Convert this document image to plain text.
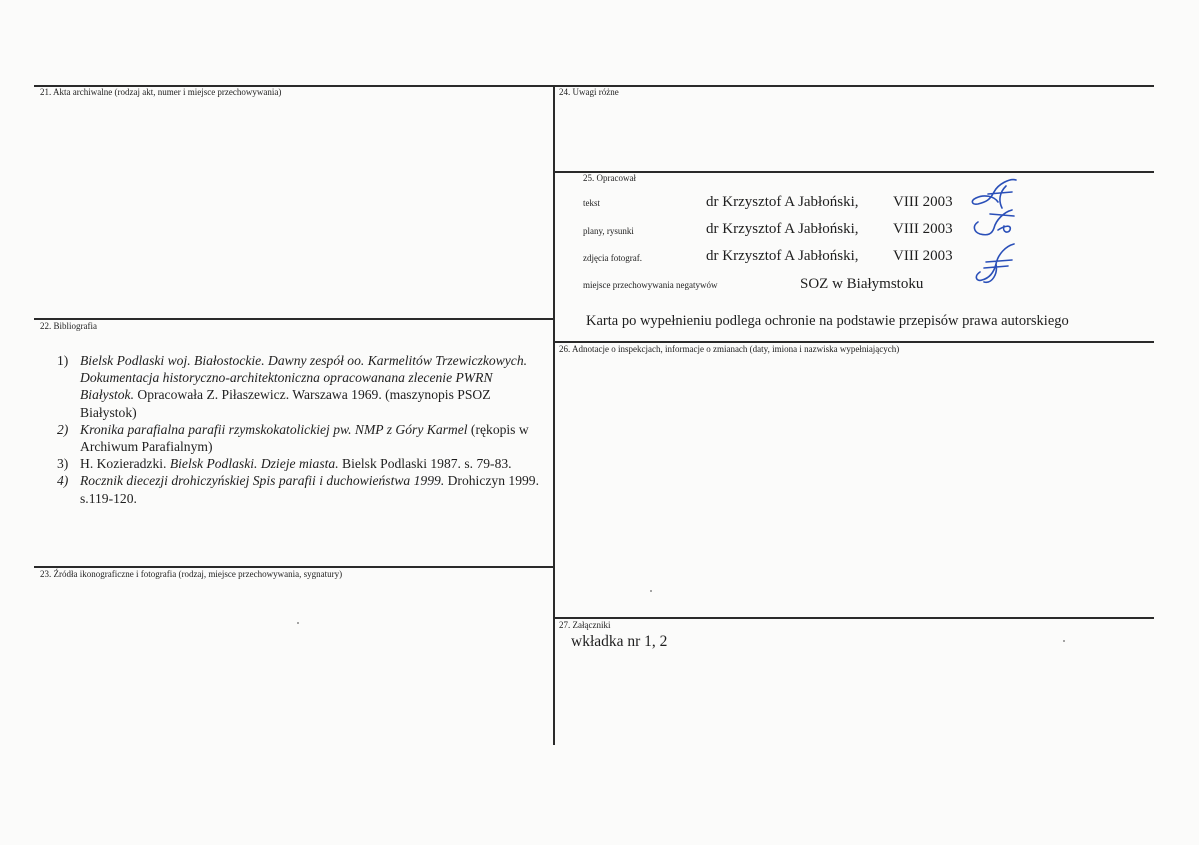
21. Akta archiwalne (rodzaj akt, numer i miejsce przechowywania)	24. Uwagi różne
25. Opracował
22. Bibliografia
26. Adnotacje o inspekcjach, informacje o zmianach (daty, imiona i nazwiska wypełniających)
23. Źródła ikonograficzne i fotografia (rodzaj, miejsce przechowywania, sygnatury)
27. Załączniki
tekst	dr Krzysztof A Jabłoński, VIII 2003
plany, rysunki	dr Krzysztof A Jabłoński, VIII 2003
zdjęcia fotograf.	dr Krzysztof A Jabłoński, VIII 2003
miejsce przechowywania negatywów	SOZ w Białymstoku
Karta po wypełnieniu podlega ochronie na podstawie przepisów prawa autorskiego
1) Bielsk Podlaski woj. Białostockie. Dawny zespół oo. Karmelitów Trzewiczkowych. Dokumentacja historyczno-architektoniczna opracowanana zlecenie PWRN Białystok. Opracowała Z. Piłaszewicz. Warszawa 1969. (maszynopis PSOZ Białystok)
2) Kronika parafialna parafii rzymskokatolickiej pw. NMP z Góry Karmel (rękopis w Archiwum Parafialnym)
3) H. Kozieradzki. Bielsk Podlaski. Dzieje miasta. Bielsk Podlaski 1987. s. 79-83.
4) Rocznik diecezji drohiczyńskiej Spis parafii i duchowieństwa 1999. Drohiczyn 1999. s.119-120.
wkładka nr 1, 2
